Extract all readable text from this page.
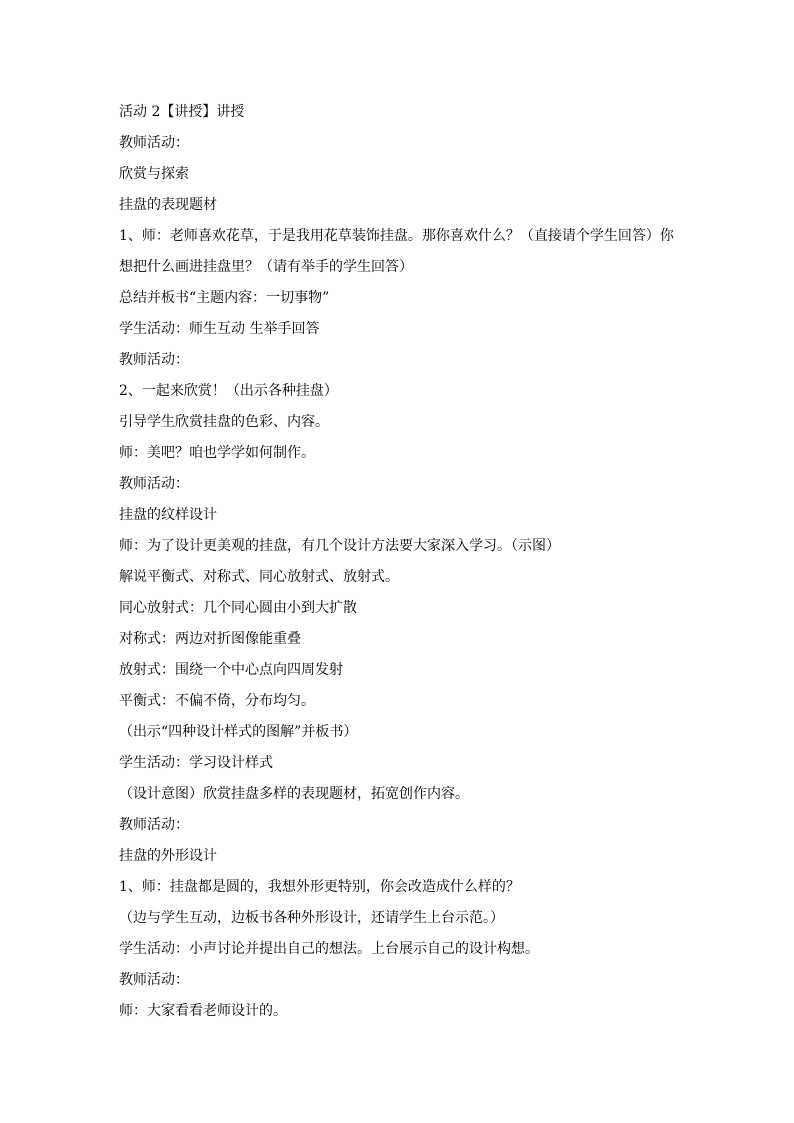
活动 2【讲授】讲授
教师活动：
欣赏与探索
挂盘的表现题材
1、师：老师喜欢花草，于是我用花草装饰挂盘。那你喜欢什么？（直接请个学生回答）你
想把什么画进挂盘里？（请有举手的学生回答）
总结并板书“主题内容：一切事物”
学生活动：师生互动 生举手回答
教师活动：
2、一起来欣赏！（出示各种挂盘）
引导学生欣赏挂盘的色彩、内容。
师：美吧？咱也学学如何制作。
教师活动：
挂盘的纹样设计
师：为了设计更美观的挂盘，有几个设计方法要大家深入学习。（示图）
解说平衡式、对称式、同心放射式、放射式。
同心放射式：几个同心圆由小到大扩散
对称式：两边对折图像能重叠
放射式：围绕一个中心点向四周发射
平衡式：不偏不倚，分布均匀。
（出示“四种设计样式的图解”并板书）
学生活动：学习设计样式
（设计意图）欣赏挂盘多样的表现题材，拓宽创作内容。
教师活动：
挂盘的外形设计
1、师：挂盘都是圆的，我想外形更特别，你会改造成什么样的？
（边与学生互动，边板书各种外形设计，还请学生上台示范。）
学生活动：小声讨论并提出自己的想法。上台展示自己的设计构想。
教师活动：
师：大家看看老师设计的。
